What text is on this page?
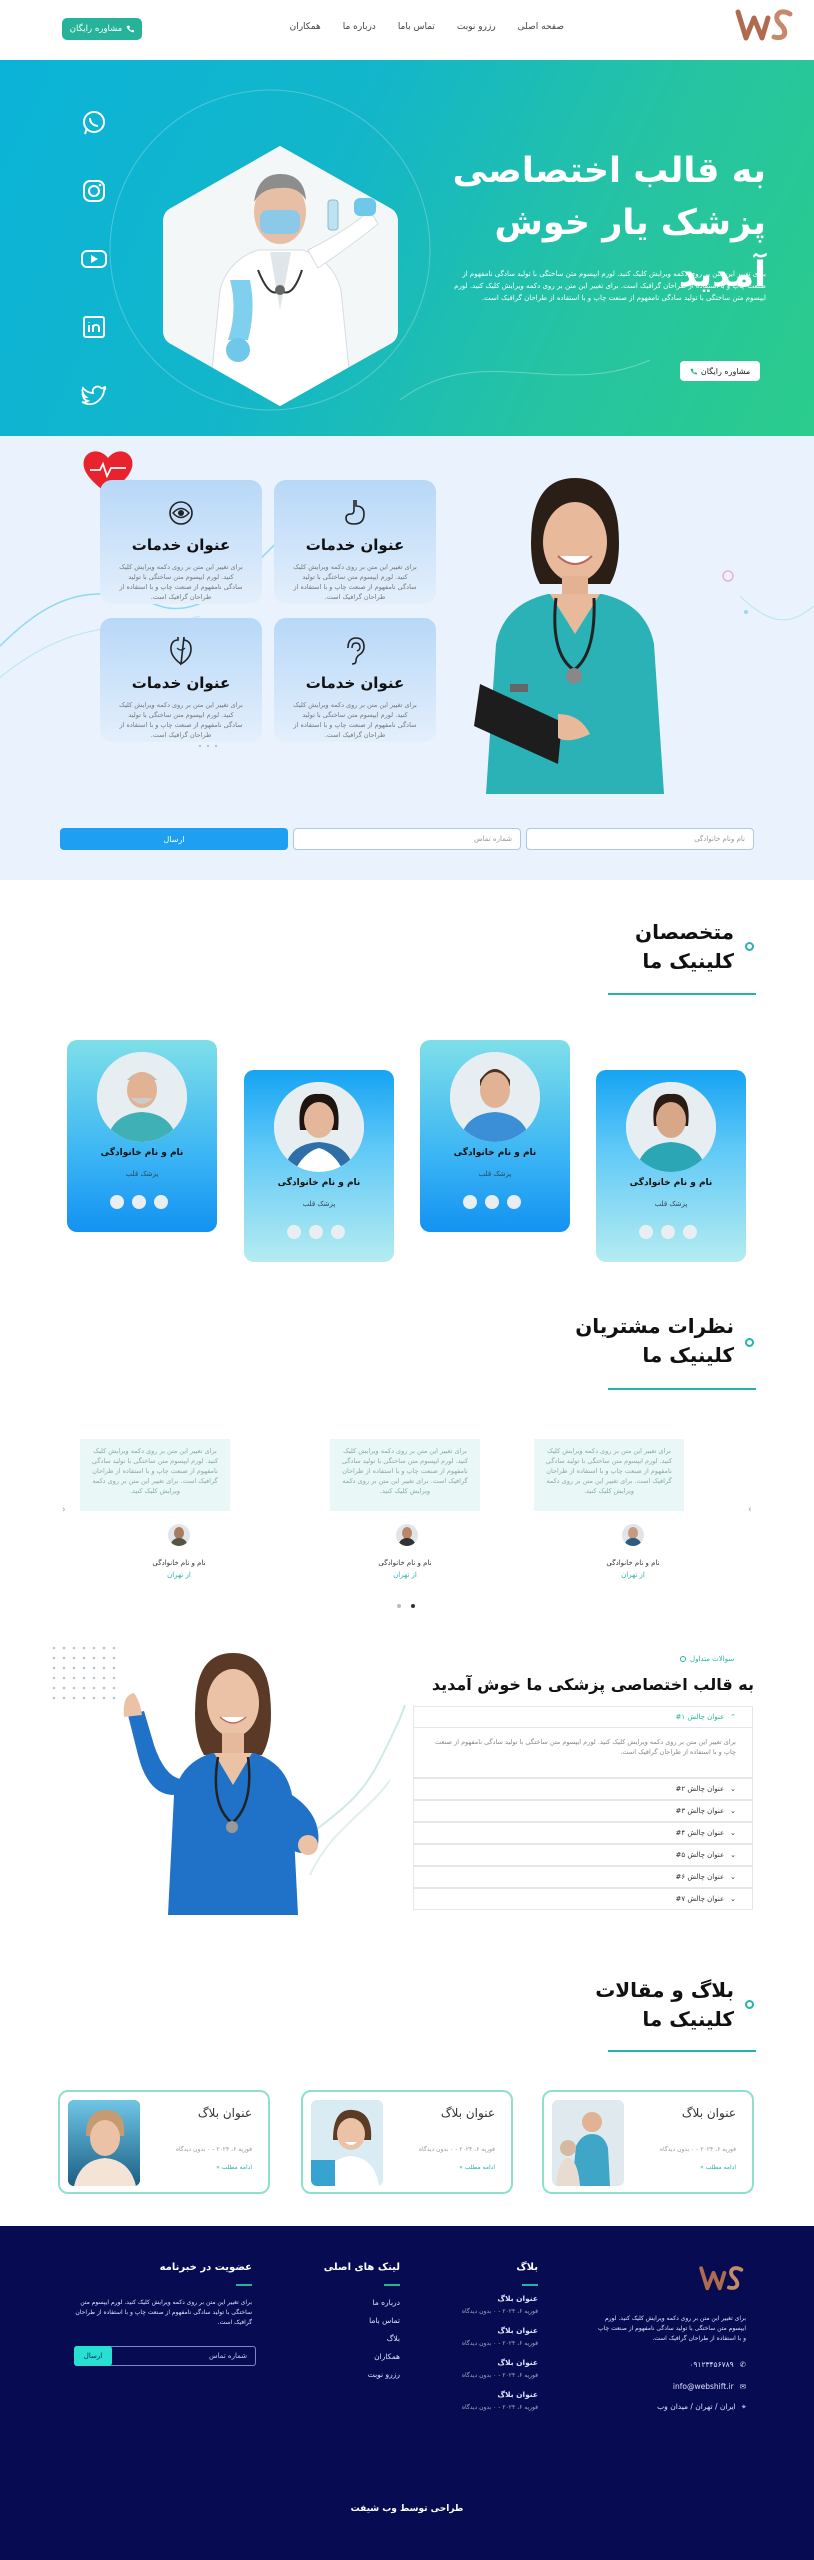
صفحه اصلی
رزرو نوبت
تماس باما
درباره ما
همکاران
مشاوره رایگان
به قالب اختصاصی
پزشک یار خوش آمدید
برای تغییر این متن بر روی دکمه ویرایش کلیک کنید. لورم ایپسوم متن ساختگی با تولید سادگی نامفهوم از صنعت چاپ و با استفاده از طراحان گرافیک است. برای تغییر این متن بر روی دکمه ویرایش کلیک کنید. لورم ایپسوم متن ساختگی با تولید سادگی نامفهوم از صنعت چاپ و با استفاده از طراحان گرافیک است.
مشاوره رایگان
عنوان خدمات
برای تغییر این متن بر روی دکمه ویرایش کلیک کنید. لورم ایپسوم متن ساختگی با تولید سادگی نامفهوم از صنعت چاپ و با استفاده از طراحان گرافیک است.
عنوان خدمات
برای تغییر این متن بر روی دکمه ویرایش کلیک کنید. لورم ایپسوم متن ساختگی با تولید سادگی نامفهوم از صنعت چاپ و با استفاده از طراحان گرافیک است.
عنوان خدمات
برای تغییر این متن بر روی دکمه ویرایش کلیک کنید. لورم ایپسوم متن ساختگی با تولید سادگی نامفهوم از صنعت چاپ و با استفاده از طراحان گرافیک است.
عنوان خدمات
برای تغییر این متن بر روی دکمه ویرایش کلیک کنید. لورم ایپسوم متن ساختگی با تولید سادگی نامفهوم از صنعت چاپ و با استفاده از طراحان گرافیک است.
نام ونام خانوادگی
شماره تماس
ارسال
متخصصان
کلینیک ما
نام و نام خانوادگی
پزشک قلب
نام و نام خانوادگی
پزشک قلب
نام و نام خانوادگی
پزشک قلب
نام و نام خانوادگی
پزشک قلب
نظرات مشتریان
کلینیک ما
›
‹
برای تغییر این متن بر روی دکمه ویرایش کلیک کنید. لورم ایپسوم متن ساختگی با تولید سادگی نامفهوم از صنعت چاپ و با استفاده از طراحان گرافیک است. برای تغییر این متن بر روی دکمه ویرایش کلیک کنید.
نام و نام خانوادگی
از تهران
برای تغییر این متن بر روی دکمه ویرایش کلیک کنید. لورم ایپسوم متن ساختگی با تولید سادگی نامفهوم از صنعت چاپ و با استفاده از طراحان گرافیک است. برای تغییر این متن بر روی دکمه ویرایش کلیک کنید.
نام و نام خانوادگی
از تهران
برای تغییر این متن بر روی دکمه ویرایش کلیک کنید. لورم ایپسوم متن ساختگی با تولید سادگی نامفهوم از صنعت چاپ و با استفاده از طراحان گرافیک است. برای تغییر این متن بر روی دکمه ویرایش کلیک کنید.
نام و نام خانوادگی
از تهران
سوالات متداول
به قالب اختصاصی پزشکی ما خوش آمدید
⌃
عنوان چالش ۱#
برای تغییر این متن بر روی دکمه ویرایش کلیک کنید. لورم ایپسوم متن ساختگی با تولید سادگی نامفهوم از صنعت چاپ و با استفاده از طراحان گرافیک است.
⌄
عنوان چالش ۲#
⌄
عنوان چالش ۳#
⌄
عنوان چالش ۴#
⌄
عنوان چالش ۵#
⌄
عنوان چالش ۶#
⌄
عنوان چالش ۷#
بلاگ و مقالات
کلینیک ما
عنوان بلاگ
فوریه ۶، ۲۰۲۴ - ۰ بدون دیدگاه
ادامه مطلب »
عنوان بلاگ
فوریه ۶، ۲۰۲۴ - ۰ بدون دیدگاه
ادامه مطلب »
عنوان بلاگ
فوریه ۶، ۲۰۲۴ - ۰ بدون دیدگاه
ادامه مطلب »
برای تغییر این متن بر روی دکمه ویرایش کلیک کنید. لورم ایپسوم متن ساختگی با تولید سادگی نامفهوم از صنعت چاپ و با استفاده از طراحان گرافیک است.
✆
۰۹۱۲۳۴۵۶۷۸۹
✉
info@webshift.ir
⌖
ایران / تهران / میدان وب
بلاگ
عنوان بلاگ
فوریه ۶، ۲۰۲۴ - ۰ بدون دیدگاه
عنوان بلاگ
فوریه ۶، ۲۰۲۴ - ۰ بدون دیدگاه
عنوان بلاگ
فوریه ۶، ۲۰۲۴ - ۰ بدون دیدگاه
عنوان بلاگ
فوریه ۶، ۲۰۲۴ - ۰ بدون دیدگاه
لینک های اصلی
درباره ما
تماس باما
بلاگ
همکاران
رزرو نوبت
عضویت در خبرنامه
برای تغییر این متن بر روی دکمه ویرایش کلیک کنید. لورم ایپسوم متن ساختگی با تولید سادگی نامفهوم از صنعت چاپ و با استفاده از طراحان گرافیک است.
شماره تماس
ارسال
طراحی توسط وب شیفت
